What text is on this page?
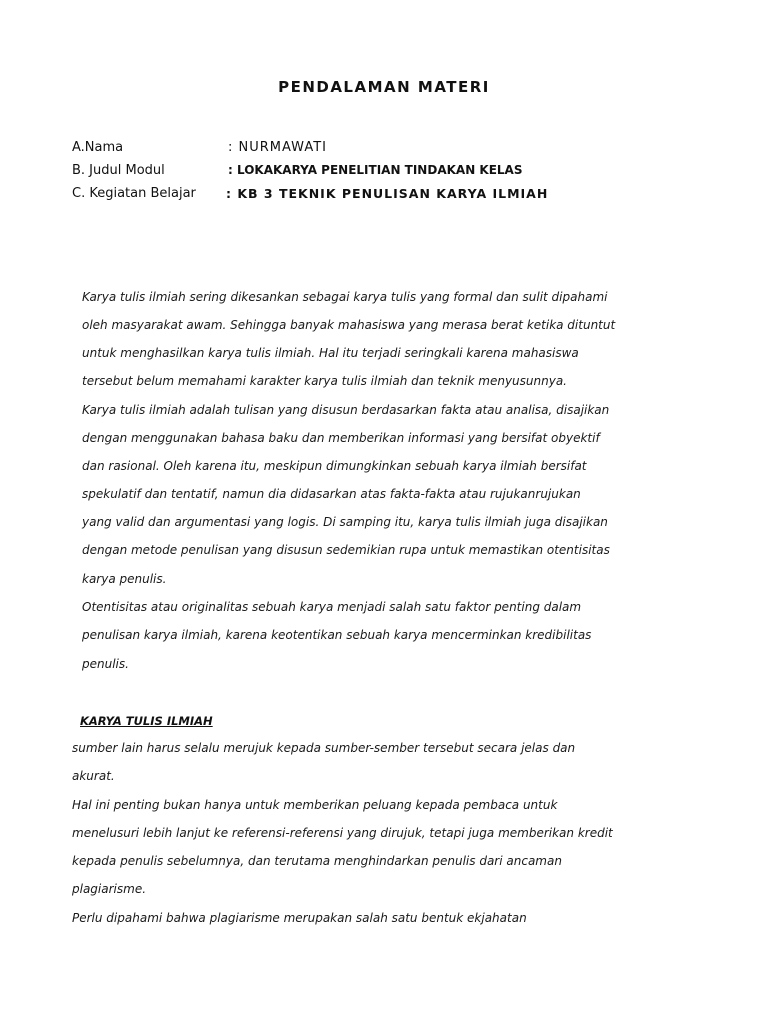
PENDALAMAN MATERI
A.Nama	: NURMAWATI
B. Judul Modul	: LOKAKARYA PENELITIAN TINDAKAN KELAS
C. Kegiatan Belajar : KB 3 TEKNIK PENULISAN KARYA ILMIAH
Karya tulis ilmiah sering dikesankan sebagai karya tulis yang formal dan sulit dipahami
oleh masyarakat awam. Sehingga banyak mahasiswa yang merasa berat ketika dituntut
untuk menghasilkan karya tulis ilmiah. Hal itu terjadi seringkali karena mahasiswa
tersebut belum memahami karakter karya tulis ilmiah dan teknik menyusunnya.
Karya tulis ilmiah adalah tulisan yang disusun berdasarkan fakta atau analisa, disajikan
dengan menggunakan bahasa baku dan memberikan informasi yang bersifat obyektif
dan rasional. Oleh karena itu, meskipun dimungkinkan sebuah karya ilmiah bersifat
spekulatif dan tentatif, namun dia didasarkan atas fakta-fakta atau rujukanrujukan
yang valid dan argumentasi yang logis. Di samping itu, karya tulis ilmiah juga disajikan
dengan metode penulisan yang disusun sedemikian rupa untuk memastikan otentisitas
karya penulis.
Otentisitas atau originalitas sebuah karya menjadi salah satu faktor penting dalam
penulisan karya ilmiah, karena keotentikan sebuah karya mencerminkan kredibilitas
penulis.
KARYA TULIS ILMIAH
sumber lain harus selalu merujuk kepada sumber-sember tersebut secara jelas dan
akurat.
Hal ini penting bukan hanya untuk memberikan peluang kepada pembaca untuk
menelusuri lebih lanjut ke referensi-referensi yang dirujuk, tetapi juga memberikan kredit
kepada penulis sebelumnya, dan terutama menghindarkan penulis dari ancaman
plagiarisme.
Perlu dipahami bahwa plagiarisme merupakan salah satu bentuk ekjahatan
